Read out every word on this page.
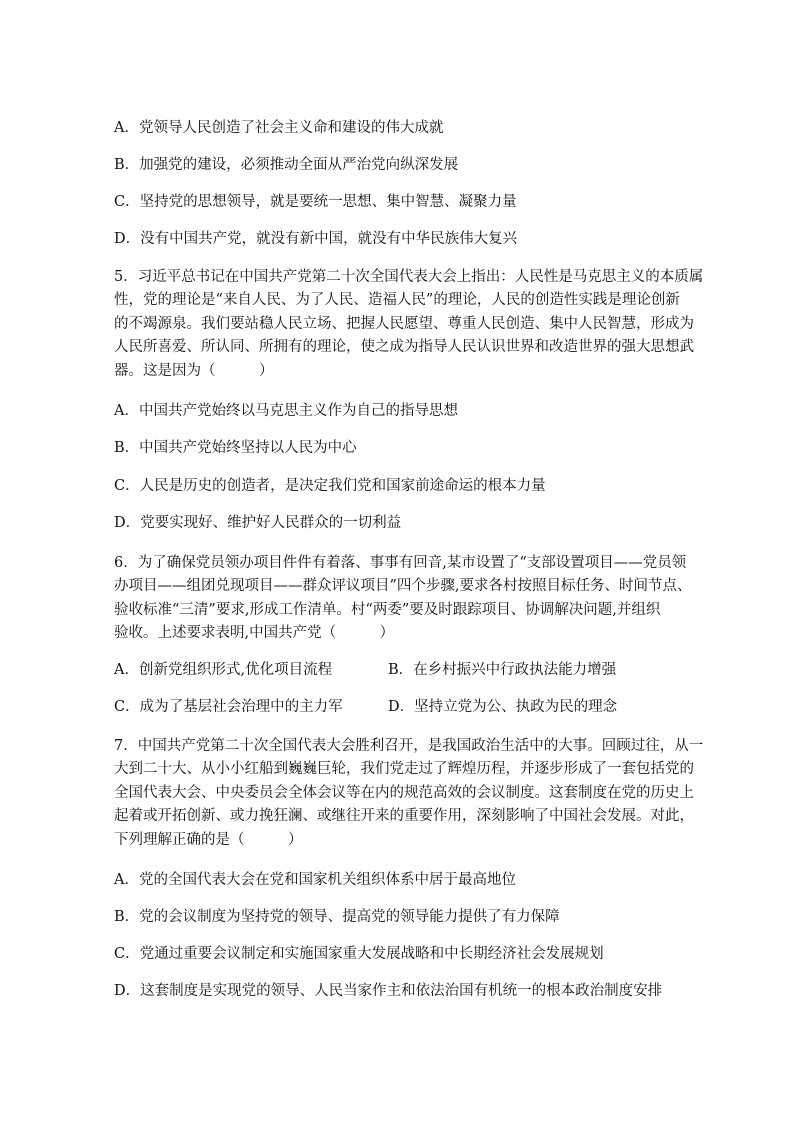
A．党领导人民创造了社会主义命和建设的伟大成就
B．加强党的建设，必须推动全面从严治党向纵深发展
C．坚持党的思想领导，就是要统一思想、集中智慧、凝聚力量
D．没有中国共产党，就没有新中国，就没有中华民族伟大复兴

5．习近平总书记在中国共产党第二十次全国代表大会上指出：人民性是马克思主义的本质属

性，党的理论是“来自人民、为了人民、造福人民”的理论，人民的创造性实践是理论创新

的不竭源泉。我们要站稳人民立场、把握人民愿望、尊重人民创造、集中人民智慧，形成为

人民所喜爱、所认同、所拥有的理论，使之成为指导人民认识世界和改造世界的强大思想武

器。这是因为（　　　）

A．中国共产党始终以马克思主义作为自己的指导思想
B．中国共产党始终坚持以人民为中心
C．人民是历史的创造者，是决定我们党和国家前途命运的根本力量
D．党要实现好、维护好人民群众的一切利益

6．为了确保党员领办项目件件有着落、事事有回音,某市设置了“支部设置项目——党员领

办项目——组团兑现项目——群众评议项目”四个步骤,要求各村按照目标任务、时间节点、

验收标准“三清”要求,形成工作清单。村“两委”要及时跟踪项目、协调解决问题,并组织

验收。上述要求表明,中国共产党（　　　）

A．创新党组织形式,优化项目流程	B．在乡村振兴中行政执法能力增强
C．成为了基层社会治理中的主力军	D．坚持立党为公、执政为民的理念

7．中国共产党第二十次全国代表大会胜利召开，是我国政治生活中的大事。回顾过往，从一

大到二十大、从小小红船到巍巍巨轮，我们党走过了辉煌历程，并逐步形成了一套包括党的

全国代表大会、中央委员会全体会议等在内的规范高效的会议制度。这套制度在党的历史上

起着或开拓创新、或力挽狂澜、或继往开来的重要作用，深刻影响了中国社会发展。对此，

下列理解正确的是（　　　）

A．党的全国代表大会在党和国家机关组织体系中居于最高地位
B．党的会议制度为坚持党的领导、提高党的领导能力提供了有力保障
C．党通过重要会议制定和实施国家重大发展战略和中长期经济社会发展规划
D．这套制度是实现党的领导、人民当家作主和依法治国有机统一的根本政治制度安排
